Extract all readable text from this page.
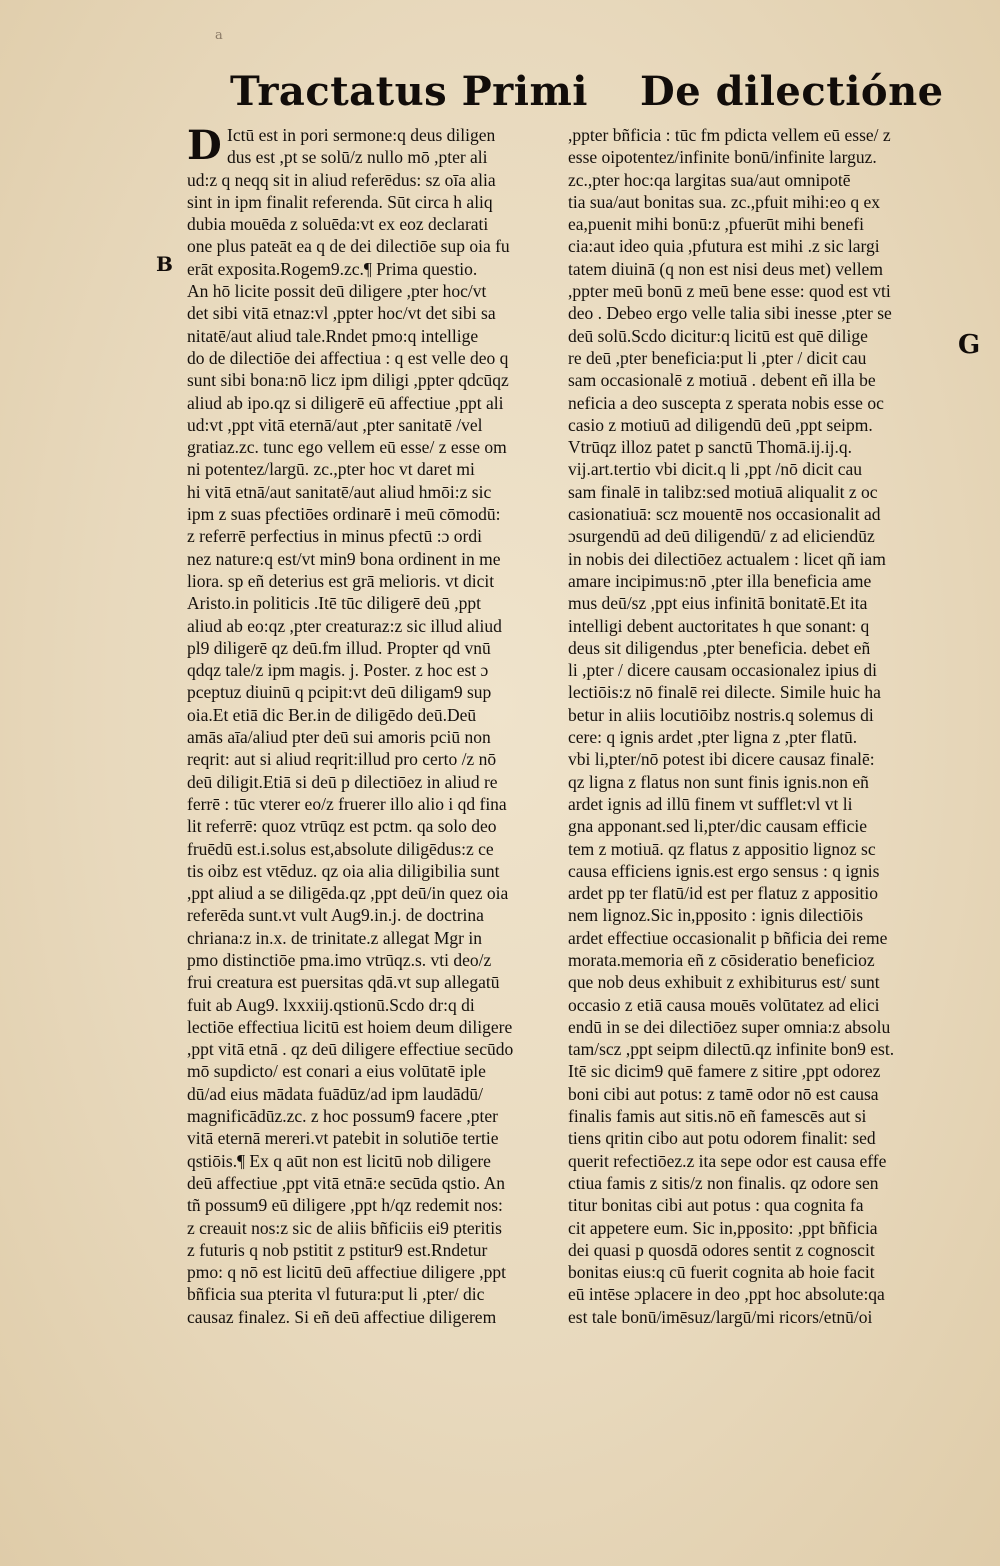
a
Tractatus Primi De dilectióne
D
B
G
Ictū est in pori sermone:q deus diligen
dus est ,pt se solū/z nullo mō ,pter ali
ud:z q neqq sit in aliud referēdus: sz oīa alia
sint in ipm finalit referenda. Sūt circa h aliq
dubia mouēda z soluēda:vt ex eoz declarati
one plus pateāt ea q de dei dilectiōe sup oia fu
erāt exposita.Rogem9.zc.¶ Prima questio.
An hō licite possit deū diligere ,pter hoc/vt
det sibi vitā etnaz:vl ,ppter hoc/vt det sibi sa
nitatē/aut aliud tale.Rndet pmo:q intellige
do de dilectiōe dei affectiua : q est velle deo q
sunt sibi bona:nō licz ipm diligi ,ppter qdcūqz
aliud ab ipo.qz si diligerē eū affectiue ,ppt ali
ud:vt ,ppt vitā eternā/aut ,pter sanitatē /vel
gratiaz.zc. tunc ego vellem eū esse/ z esse om
ni potentez/largū. zc.,pter hoc vt daret mi
hi vitā etnā/aut sanitatē/aut aliud hmōi:z sic
ipm z suas pfectiōes ordinarē i meū cōmodū:
z referrē perfectius in minus pfectū :ɔ ordi
nez nature:q est/vt min9 bona ordinent in me
liora. sp eñ deterius est grā melioris. vt dicit
Aristo.in politicis .Itē tūc diligerē deū ,ppt
aliud ab eo:qz ,pter creaturaz:z sic illud aliud
pl9 diligerē qz deū.fm illud. Propter qd vnū
qdqz tale/z ipm magis. j. Poster. z hoc est ɔ
pceptuz diuinū q pcipit:vt deū diligam9 sup
oia.Et etiā dic Ber.in de diligēdo deū.Deū
amās aīa/aliud pter deū sui amoris pciū non
reqrit: aut si aliud reqrit:illud pro certo /z nō
deū diligit.Etiā si deū p dilectiōez in aliud re
ferrē : tūc vterer eo/z fruerer illo alio i qd fina
lit referrē: quoz vtrūqz est pctm. qa solo deo
fruēdū est.i.solus est,absolute diligēdus:z ce
tis oibz est vtēduz. qz oia alia diligibilia sunt
,ppt aliud a se diligēda.qz ,ppt deū/in quez oia
referēda sunt.vt vult Aug9.in.j. de doctrina
chriana:z in.x. de trinitate.z allegat Mgr in
pmo distinctiōe pma.imo vtrūqz.s. vti deo/z
frui creatura est puersitas qdā.vt sup allegatū
fuit ab Aug9. lxxxiij.qstionū.Scdo dr:q di
lectiōe effectiua licitū est hoiem deum diligere
,ppt vitā etnā . qz deū diligere effectiue secūdo
mō supdicto/ est conari a eius volūtatē iple
dū/ad eius mādata fuādūz/ad ipm laudādū/
magnificādūz.zc. z hoc possum9 facere ,pter
vitā eternā mereri.vt patebit in solutiōe tertie
qstiōis.¶ Ex q aūt non est licitū nob diligere
deū affectiue ,ppt vitā etnā:e secūda qstio. An
tñ possum9 eū diligere ,ppt h/qz redemit nos:
z creauit nos:z sic de aliis bñficiis ei9 pteritis
z futuris q nob pstitit z pstitur9 est.Rndetur
pmo: q nō est licitū deū affectiue diligere ,ppt
bñficia sua pterita vl futura:put li ,pter/ dic
causaz finalez. Si eñ deū affectiue diligerem
,ppter bñficia : tūc fm pdicta vellem eū esse/ z
esse oipotentez/infinite bonū/infinite larguz.
zc.,pter hoc:qa largitas sua/aut omnipotē
tia sua/aut bonitas sua. zc.,pfuit mihi:eo q ex
ea,puenit mihi bonū:z ,pfuerūt mihi benefi
cia:aut ideo quia ,pfutura est mihi .z sic largi
tatem diuinā (q non est nisi deus met) vellem
,ppter meū bonū z meū bene esse: quod est vti
deo . Debeo ergo velle talia sibi inesse ,pter se
deū solū.Scdo dicitur:q licitū est quē dilige
re deū ,pter beneficia:put li ,pter / dicit cau
sam occasionalē z motiuā . debent eñ illa be
neficia a deo suscepta z sperata nobis esse oc
casio z motiuū ad diligendū deū ,ppt seipm.
Vtrūqz illoz patet p sanctū Thomā.ij.ij.q.
vij.art.tertio vbi dicit.q li ,ppt /nō dicit cau
sam finalē in talibz:sed motiuā aliqualit z oc
casionatiuā: scz mouentē nos occasionalit ad
ɔsurgendū ad deū diligendū/ z ad eliciendūz
in nobis dei dilectiōez actualem : licet qñ iam
amare incipimus:nō ,pter illa beneficia ame
mus deū/sz ,ppt eius infinitā bonitatē.Et ita
intelligi debent auctoritates h que sonant: q
deus sit diligendus ,pter beneficia. debet eñ
li ,pter / dicere causam occasionalez ipius di
lectiōis:z nō finalē rei dilecte. Simile huic ha
betur in aliis locutiōibz nostris.q solemus di
cere: q ignis ardet ,pter ligna z ,pter flatū.
vbi li,pter/nō potest ibi dicere causaz finalē:
qz ligna z flatus non sunt finis ignis.non eñ
ardet ignis ad illū finem vt sufflet:vl vt li
gna apponant.sed li,pter/dic causam efficie
tem z motiuā. qz flatus z appositio lignoz sc
causa efficiens ignis.est ergo sensus : q ignis
ardet pp ter flatū/id est per flatuz z appositio
nem lignoz.Sic in,pposito : ignis dilectiōis
ardet effectiue occasionalit p bñficia dei reme
morata.memoria eñ z cōsideratio beneficioz
que nob deus exhibuit z exhibiturus est/ sunt
occasio z etiā causa mouēs volūtatez ad elici
endū in se dei dilectiōez super omnia:z absolu
tam/scz ,ppt seipm dilectū.qz infinite bon9 est.
Itē sic dicim9 quē famere z sitire ,ppt odorez
boni cibi aut potus: z tamē odor nō est causa
finalis famis aut sitis.nō eñ famescēs aut si
tiens qritin cibo aut potu odorem finalit: sed
querit refectiōez.z ita sepe odor est causa effe
ctiua famis z sitis/z non finalis. qz odore sen
titur bonitas cibi aut potus : qua cognita fa
cit appetere eum. Sic in,pposito: ,ppt bñficia
dei quasi p quosdā odores sentit z cognoscit
bonitas eius:q cū fuerit cognita ab hoie facit
eū intēse ɔplacere in deo ,ppt hoc absolute:qa
est tale bonū/imēsuz/largū/mi ricors/etnū/oi
